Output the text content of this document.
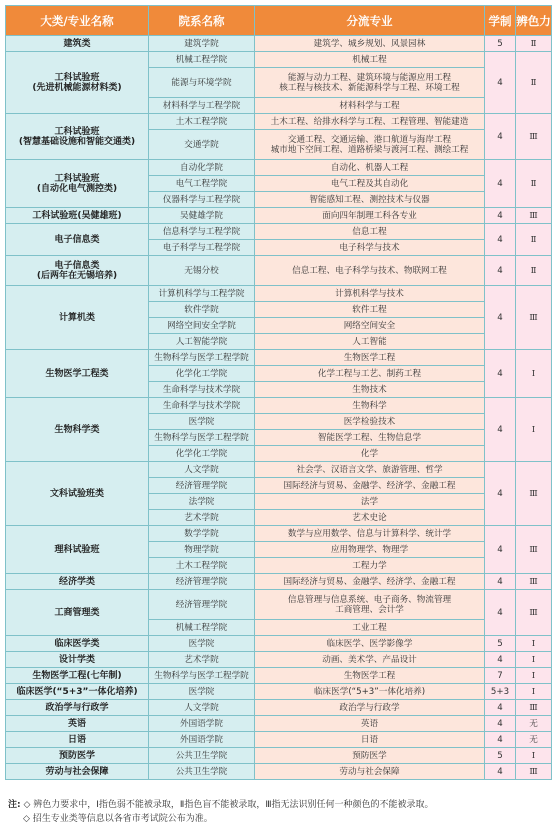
大类/专业名称	院系名称	分流专业	学制	辨色力
建筑类	建筑学院	建筑学、城乡规划、风景园林	5	Ⅱ
工科试验班
(先进机械能源材料类)	机械工程学院	机械工程	4	Ⅱ
	能源与环境学院	能源与动力工程、建筑环境与能源应用工程
核工程与核技术、新能源科学与工程、环境工程		
	材料科学与工程学院	材料科学与工程		
工科试验班
(智慧基础设施和智能交通类)	土木工程学院	土木工程、给排水科学与工程、工程管理、智能建造	4	Ⅲ
	交通学院	交通工程、交通运输、港口航道与海岸工程
城市地下空间工程、道路桥梁与渡河工程、测绘工程		
工科试验班
(自动化电气测控类)	自动化学院	自动化、机器人工程	4	Ⅱ
	电气工程学院	电气工程及其自动化		
	仪器科学与工程学院	智能感知工程、测控技术与仪器		
工科试验班(吴健雄班)	吴健雄学院	面向四年制理工科各专业	4	Ⅲ
电子信息类	信息科学与工程学院	信息工程	4	Ⅱ
	电子科学与工程学院	电子科学与技术		
电子信息类
(后两年在无锡培养)	无锡分校	信息工程、电子科学与技术、物联网工程	4	Ⅱ
计算机类	计算机科学与工程学院	计算机科学与技术	4	Ⅲ
	软件学院	软件工程		
	网络空间安全学院	网络空间安全		
	人工智能学院	人工智能		
生物医学工程类	生物科学与医学工程学院	生物医学工程	4	Ⅰ
	化学化工学院	化学工程与工艺、制药工程		
	生命科学与技术学院	生物技术		
生物科学类	生命科学与技术学院	生物科学	4	Ⅰ
	医学院	医学检验技术		
	生物科学与医学工程学院	智能医学工程、生物信息学		
	化学化工学院	化学		
文科试验班类	人文学院	社会学、汉语言文学、旅游管理、哲学	4	Ⅲ
	经济管理学院	国际经济与贸易、金融学、经济学、金融工程		
	法学院	法学		
	艺术学院	艺术史论		
理科试验班	数学学院	数学与应用数学、信息与计算科学、统计学	4	Ⅲ
	物理学院	应用物理学、物理学		
	土木工程学院	工程力学		
经济学类	经济管理学院	国际经济与贸易、金融学、经济学、金融工程	4	Ⅲ
工商管理类	经济管理学院	信息管理与信息系统、电子商务、物流管理
工商管理、会计学	4	Ⅲ
	机械工程学院	工业工程		
临床医学类	医学院	临床医学、医学影像学	5	Ⅰ
设计学类	艺术学院	动画、美术学、产品设计	4	Ⅰ
生物医学工程(七年制)	生物科学与医学工程学院	生物医学工程	7	Ⅰ
临床医学(“5+3”一体化培养)	医学院	临床医学(“5+3”一体化培养)	5+3	Ⅰ
政治学与行政学	人文学院	政治学与行政学	4	Ⅲ
英语	外国语学院	英语	4	无
日语	外国语学院	日语	4	无
预防医学	公共卫生学院	预防医学	5	Ⅰ
劳动与社会保障	公共卫生学院	劳动与社会保障	4	Ⅲ
注: ◇ 辨色力要求中，Ⅰ指色弱不能被录取，Ⅱ指色盲不能被录取，Ⅲ指无法识别任何一种颜色的不能被录取。
◇ 招生专业类等信息以各省市考试院公布为准。
